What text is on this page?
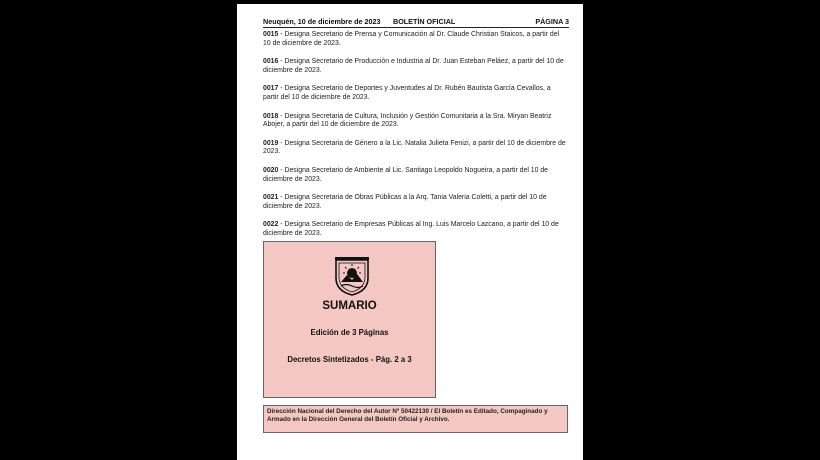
Neuquén, 10 de diciembre de 2023 BOLETÍN OFICIAL	PÁGINA 3

0015 - Designa Secretario de Prensa y Comunicación al Dr. Claude Christian Staicos, a partir del 10 de diciembre de 2023.

0016 - Designa Secretario de Producción e Industria al Dr. Juan Esteban Peláez, a partir del 10 de diciembre de 2023.

0017 - Designa Secretario de Deportes y Juventudes al Dr. Rubén Bautista García Cevallos, a partir del 10 de diciembre de 2023.

0018 - Designa Secretaria de Cultura, Inclusión y Gestión Comunitaria a la Sra. Miryan Beatriz Abojer, a partir del 10 de diciembre de 2023.

0019 - Designa Secretaria de Género a la Lic. Natalia Julieta Fenizi, a partir del 10 de diciembre de 2023.

0020 - Designa Secretario de Ambiente al Lic. Santiago Leopoldo Nogueira, a partir del 10 de diciembre de 2023.

0021 - Designa Secretaria de Obras Públicas a la Arq. Tania Valeria Coletti, a partir del 10 de diciembre de 2023.

0022 - Designa Secretario de Empresas Públicas al Ing. Luis Marcelo Lazcano, a partir del 10 de diciembre de 2023.

SUMARIO
Edición de 3 Páginas
Decretos Sintetizados - Pág. 2 a 3
Dirección Nacional del Derecho del Autor Nº 50422130 / El Boletín es Editado, Compaginado y Armado en la Dirección General del Boletín Oficial y Archivo.
